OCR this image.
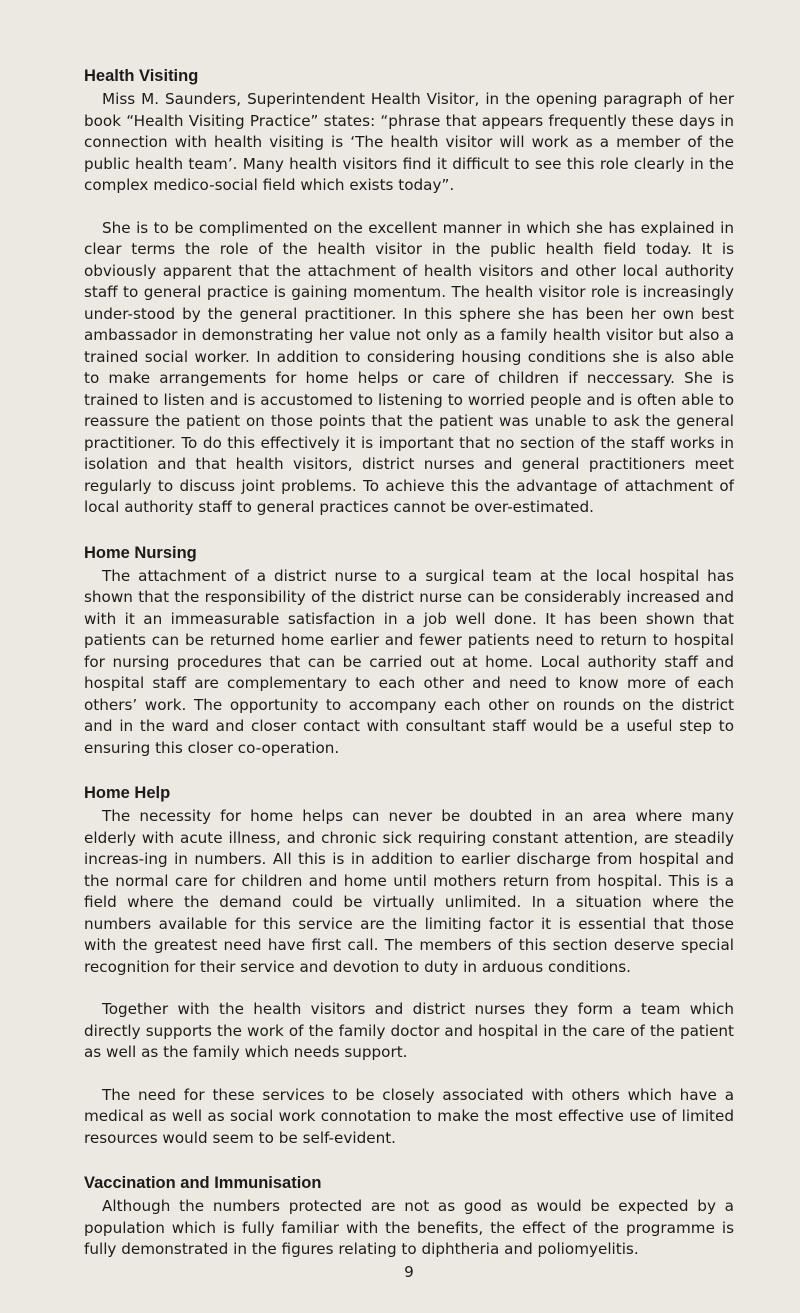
Health Visiting

Miss M. Saunders, Superintendent Health Visitor, in the opening paragraph of her book “Health Visiting Practice” states: “phrase that appears frequently these days in connection with health visiting is ‘The health visitor will work as a member of the public health team’. Many health visitors find it difficult to see this role clearly in the complex medico-social field which exists today”.

She is to be complimented on the excellent manner in which she has explained in clear terms the role of the health visitor in the public health field today. It is obviously apparent that the attachment of health visitors and other local authority staff to general practice is gaining momentum. The health visitor role is increasingly under-stood by the general practitioner. In this sphere she has been her own best ambassador in demonstrating her value not only as a family health visitor but also a trained social worker. In addition to considering housing conditions she is also able to make arrangements for home helps or care of children if neccessary. She is trained to listen and is accustomed to listening to worried people and is often able to reassure the patient on those points that the patient was unable to ask the general practitioner. To do this effectively it is important that no section of the staff works in isolation and that health visitors, district nurses and general practitioners meet regularly to discuss joint problems. To achieve this the advantage of attachment of local authority staff to general practices cannot be over-estimated.

Home Nursing

The attachment of a district nurse to a surgical team at the local hospital has shown that the responsibility of the district nurse can be considerably increased and with it an immeasurable satisfaction in a job well done. It has been shown that patients can be returned home earlier and fewer patients need to return to hospital for nursing procedures that can be carried out at home. Local authority staff and hospital staff are complementary to each other and need to know more of each others’ work. The opportunity to accompany each other on rounds on the district and in the ward and closer contact with consultant staff would be a useful step to ensuring this closer co-operation.

Home Help

The necessity for home helps can never be doubted in an area where many elderly with acute illness, and chronic sick requiring constant attention, are steadily increas-ing in numbers. All this is in addition to earlier discharge from hospital and the normal care for children and home until mothers return from hospital. This is a field where the demand could be virtually unlimited. In a situation where the numbers available for this service are the limiting factor it is essential that those with the greatest need have first call. The members of this section deserve special recognition for their service and devotion to duty in arduous conditions.

Together with the health visitors and district nurses they form a team which directly supports the work of the family doctor and hospital in the care of the patient as well as the family which needs support.

The need for these services to be closely associated with others which have a medical as well as social work connotation to make the most effective use of limited resources would seem to be self-evident.

Vaccination and Immunisation

Although the numbers protected are not as good as would be expected by a population which is fully familiar with the benefits, the effect of the programme is fully demonstrated in the figures relating to diphtheria and poliomyelitis.

9
